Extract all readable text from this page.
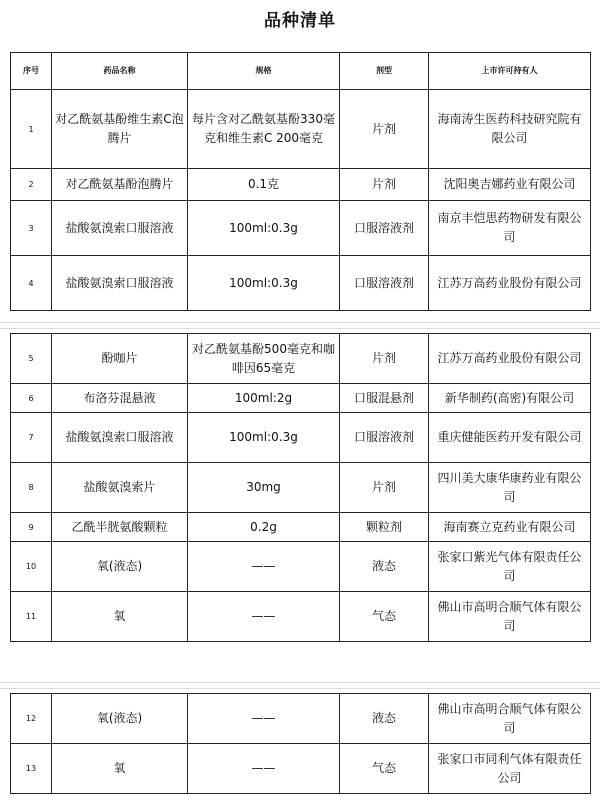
品种清单
序号	药品名称	规格	剂型	上市许可持有人
1	对乙酰氨基酚维生素C泡腾片	每片含对乙酰氨基酚330毫克和维生素C 200毫克	片剂	海南涛生医药科技研究院有限公司
2	对乙酰氨基酚泡腾片	0.1克	片剂	沈阳奥吉娜药业有限公司
3	盐酸氨溴索口服溶液	100ml:0.3g	口服溶液剂	南京丰恺思药物研发有限公司
4	盐酸氨溴索口服溶液	100ml:0.3g	口服溶液剂	江苏万高药业股份有限公司
5	酚咖片	对乙酰氨基酚500毫克和咖啡因65毫克	片剂	江苏万高药业股份有限公司
6	布洛芬混悬液	100ml:2g	口服混悬剂	新华制药(高密)有限公司
7	盐酸氨溴索口服溶液	100ml:0.3g	口服溶液剂	重庆健能医药开发有限公司
8	盐酸氨溴索片	30mg	片剂	四川美大康华康药业有限公司
9	乙酰半胱氨酸颗粒	0.2g	颗粒剂	海南赛立克药业有限公司
10	氧(液态)	——	液态	张家口紫光气体有限责任公司
11	氧	——	气态	佛山市高明合顺气体有限公司
12	氧(液态)	——	液态	佛山市高明合顺气体有限公司
13	氧	——	气态	张家口市同利气体有限责任公司
